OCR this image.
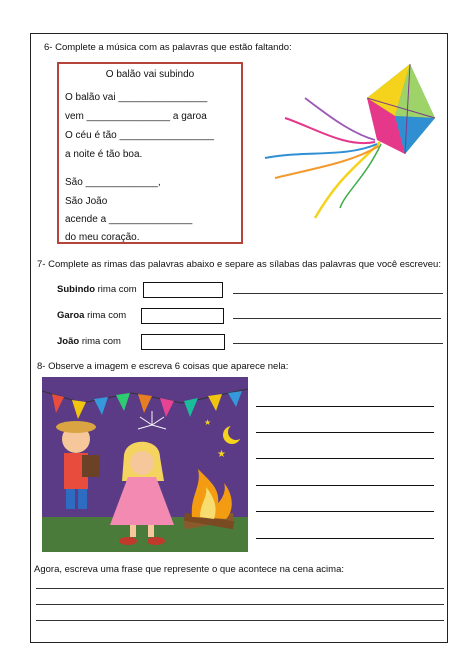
6- Complete a música com as palavras que estão faltando:
O balão vai subindo
O balão vai ________________
vem _______________ a garoa
O céu é tão _________________
a noite é tão boa.
São _____________,
São João
acende a _______________
do meu coração.
7- Complete as rimas das palavras abaixo e separe as sílabas das palavras que você escreveu:
Subindo rima com
Garoa rima com
João rima com
8- Observe a imagem e escreva 6 coisas que aparece nela:
★
★
Agora, escreva uma frase que represente o que acontece na cena acima:
